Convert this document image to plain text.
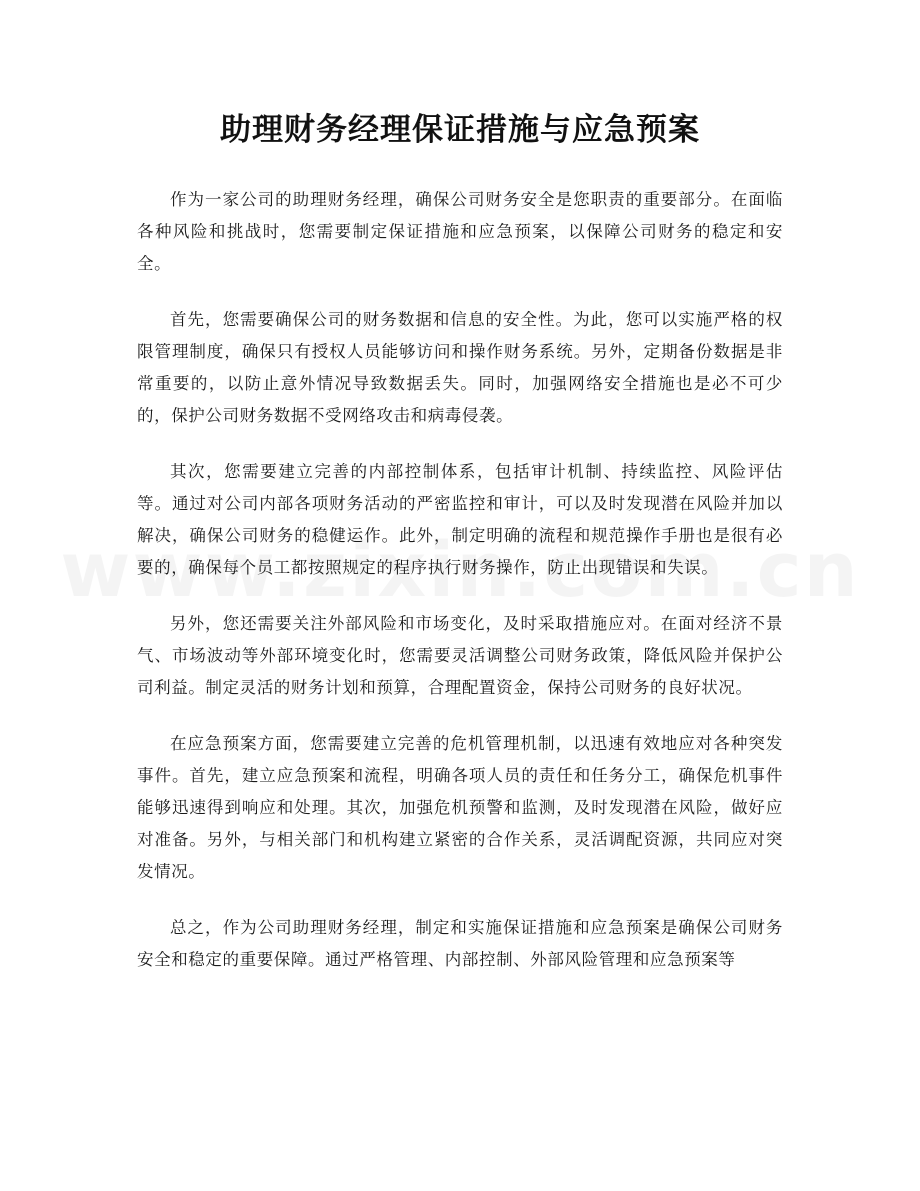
助理财务经理保证措施与应急预案

作为一家公司的助理财务经理，确保公司财务安全是您职责的重要部分。在面临各种风险和挑战时，您需要制定保证措施和应急预案，以保障公司财务的稳定和安全。

首先，您需要确保公司的财务数据和信息的安全性。为此，您可以实施严格的权限管理制度，确保只有授权人员能够访问和操作财务系统。另外，定期备份数据是非常重要的，以防止意外情况导致数据丢失。同时，加强网络安全措施也是必不可少的，保护公司财务数据不受网络攻击和病毒侵袭。

其次，您需要建立完善的内部控制体系，包括审计机制、持续监控、风险评估等。通过对公司内部各项财务活动的严密监控和审计，可以及时发现潜在风险并加以解决，确保公司财务的稳健运作。此外，制定明确的流程和规范操作手册也是很有必要的，确保每个员工都按照规定的程序执行财务操作，防止出现错误和失误。

另外，您还需要关注外部风险和市场变化，及时采取措施应对。在面对经济不景气、市场波动等外部环境变化时，您需要灵活调整公司财务政策，降低风险并保护公司利益。制定灵活的财务计划和预算，合理配置资金，保持公司财务的良好状况。

在应急预案方面，您需要建立完善的危机管理机制，以迅速有效地应对各种突发事件。首先，建立应急预案和流程，明确各项人员的责任和任务分工，确保危机事件能够迅速得到响应和处理。其次，加强危机预警和监测，及时发现潜在风险，做好应对准备。另外，与相关部门和机构建立紧密的合作关系，灵活调配资源，共同应对突发情况。

总之，作为公司助理财务经理，制定和实施保证措施和应急预案是确保公司财务安全和稳定的重要保障。通过严格管理、内部控制、外部风险管理和应急预案等
